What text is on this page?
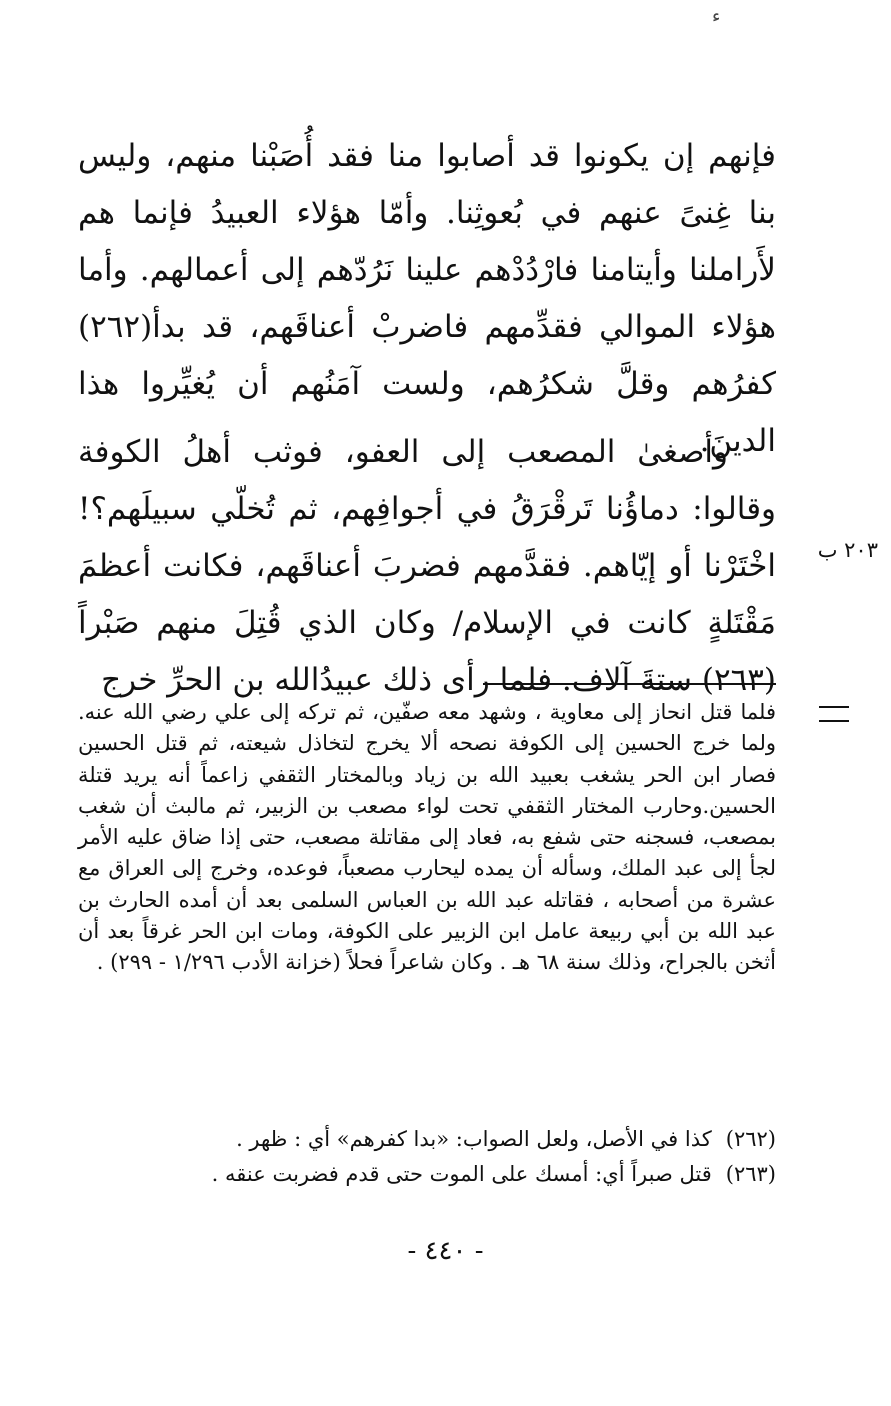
ء
فإنهم إن يكونوا قد أصابوا منا فقد أُصَبْنا منهم، وليس بنا غِنىً عنهم في بُعوثِنا. وأمّا هؤلاء العبيدُ فإنما هم لأَراملنا وأيتامنا فارْدُدْهم علينا نَرُدّهم إلى أعمالهم. وأما هؤلاء الموالي فقدِّمهم فاضربْ أعناقَهم، قد بدأ(٢٦٢) كفرُهم وقلَّ شكرُهم، ولست آمَنُهم أن يُغيِّروا هذا الدينَ.
وأصغىٰ المصعب إلى العفو، فوثب أهلُ الكوفة وقالوا: دماؤُنا تَرقْرَقُ في أجوافِهم، ثم تُخلّي سبيلَهم؟! اخْتَرْنا أو إيّاهم. فقدَّمهم فضربَ أعناقَهم، فكانت أعظمَ مَقْتَلةٍ كانت في الإسلام/ وكان الذي قُتِلَ منهم صَبْراً (٢٦٣) ستةَ آلاف. فلما رأى ذلك عبيدُالله بن الحرِّ خرج
٢٠٣ ب
فلما قتل انحاز إلى معاوية ، وشهد معه صفّين، ثم تركه إلى علي رضي الله عنه. ولما خرج الحسين إلى الكوفة نصحه ألا يخرج لتخاذل شيعته، ثم قتل الحسين فصار ابن الحر يشغب بعبيد الله بن زياد وبالمختار الثقفي زاعماً أنه يريد قتلة الحسين.وحارب المختار الثقفي تحت لواء مصعب بن الزبير، ثم مالبث أن شغب بمصعب، فسجنه حتى شفع به، فعاد إلى مقاتلة مصعب، حتى إذا ضاق عليه الأمر لجأ إلى عبد الملك، وسأله أن يمده ليحارب مصعباً، فوعده، وخرج إلى العراق مع عشرة من أصحابه ، فقاتله عبد الله بن العباس السلمى بعد أن أمده الحارث بن عبد الله بن أبي ربيعة عامل ابن الزبير على الكوفة، ومات ابن الحر غرقاً بعد أن أثخن بالجراح، وذلك سنة ٦٨ هـ . وكان شاعراً فحلاً (خزانة الأدب ١/٢٩٦ - ٢٩٩) .
(٢٦٢)
كذا في الأصل، ولعل الصواب: «بدا كفرهم» أي : ظهر .
(٢٦٣)
قتل صبراً أي: أمسك على الموت حتى قدم فضربت عنقه .
- ٤٤٠ -
